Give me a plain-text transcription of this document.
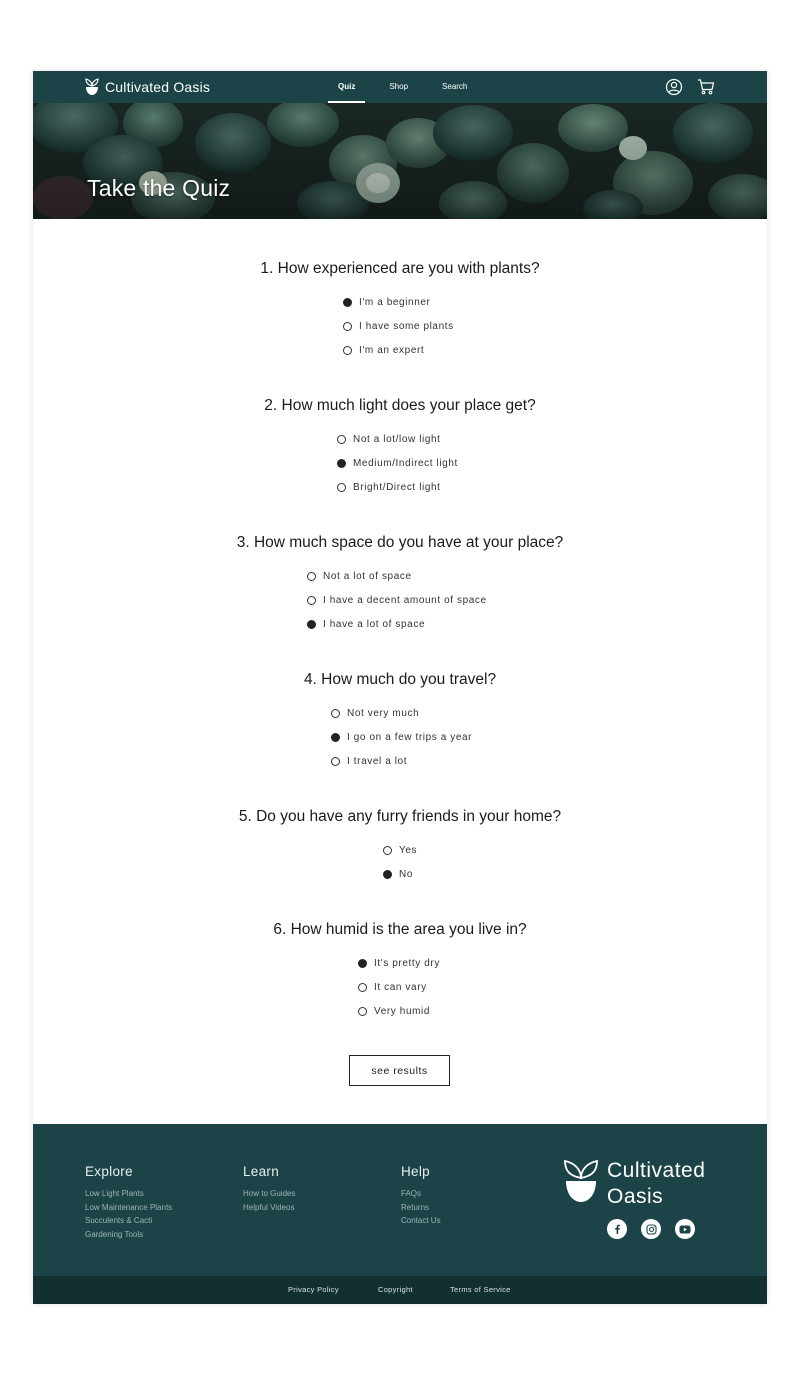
Cultivated Oasis	Quiz	Shop	Search
Take the Quiz
1. How experienced are you with plants?
I'm a beginner
I have some plants
I'm an expert
2. How much light does your place get?
Not a lot/low light
Medium/Indirect light
Bright/Direct light
3. How much space do you have at your place?
Not a lot of space
I have a decent amount of space
I have a lot of space
4. How much do you travel?
Not very much
I go on a few trips a year
I travel a lot
5. Do you have any furry friends in your home?
Yes
No
6. How humid is the area you live in?
It's pretty dry
It can vary
Very humid
see results
Explore
Low Light Plants
Low Maintenance Plants
Succulents & Cacti
Gardening Tools
Learn
How to Guides
Helpful Videos
Help
FAQs
Returns
Contact Us
Cultivated
Oasis
Privacy Policy	Copyright	Terms of Service
